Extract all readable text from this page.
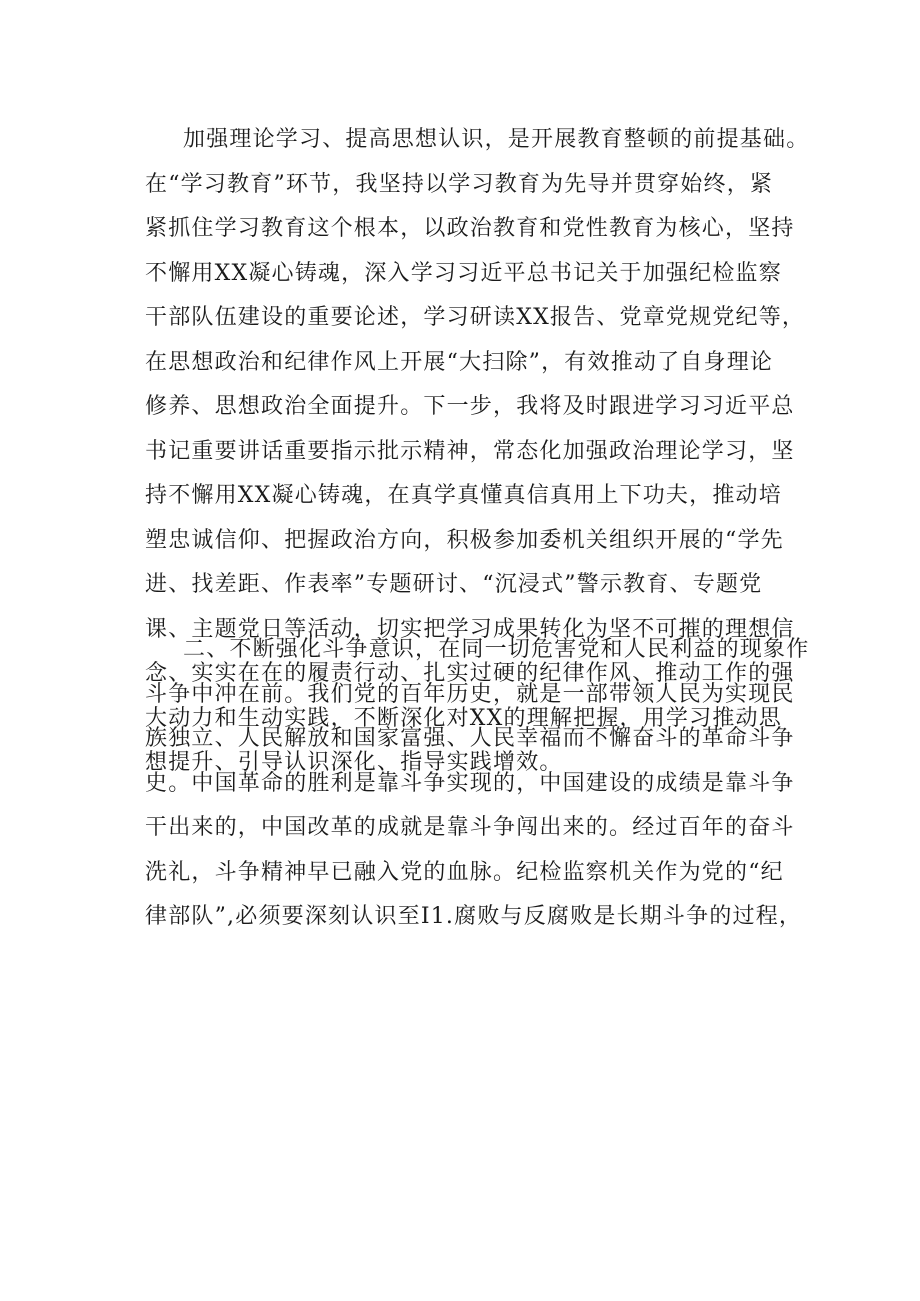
加强理论学习、提高思想认识，是开展教育整顿的前提基础。
在“学习教育”环节，我坚持以学习教育为先导并贯穿始终，紧
紧抓住学习教育这个根本，以政治教育和党性教育为核心，坚持
不懈用XX凝心铸魂，深入学习习近平总书记关于加强纪检监察
干部队伍建设的重要论述，学习研读XX报告、党章党规党纪等，
在思想政治和纪律作风上开展“大扫除”，有效推动了自身理论
修养、思想政治全面提升。下一步，我将及时跟进学习习近平总
书记重要讲话重要指示批示精神，常态化加强政治理论学习，坚
持不懈用XX凝心铸魂，在真学真懂真信真用上下功夫，推动培
塑忠诚信仰、把握政治方向，积极参加委机关组织开展的“学先
进、找差距、作表率”专题研讨、“沉浸式”警示教育、专题党
课、主题党日等活动，切实把学习成果转化为坚不可摧的理想信
念、实实在在的履责行动、扎实过硬的纪律作风、推动工作的强
大动力和生动实践，不断深化对XX的理解把握，用学习推动思
想提升、引导认识深化、指导实践增效。
二、不断强化斗争意识，在同一切危害党和人民利益的现象作
斗争中冲在前。我们党的百年历史，就是一部带领人民为实现民
族独立、人民解放和国家富强、人民幸福而不懈奋斗的革命斗争
史。中国革命的胜利是靠斗争实现的，中国建设的成绩是靠斗争
干出来的，中国改革的成就是靠斗争闯出来的。经过百年的奋斗
洗礼，斗争精神早已融入党的血脉。纪检监察机关作为党的“纪
律部队”,必须要深刻认识至I1.腐败与反腐败是长期斗争的过程，
